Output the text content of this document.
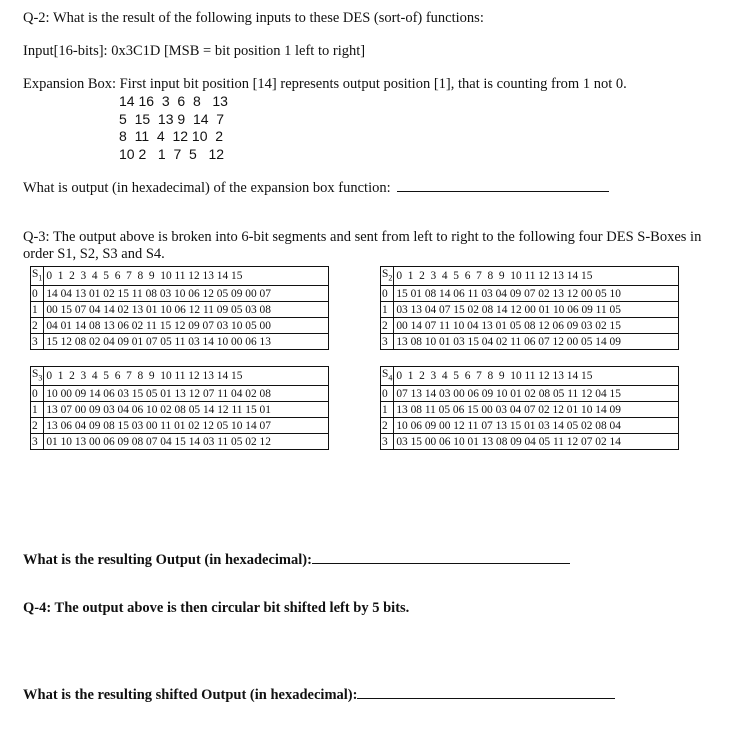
Q-2: What is the result of the following inputs to these DES (sort-of) functions:
Input[16-bits]: 0x3C1D [MSB = bit position 1 left to right]
Expansion Box: First input bit position [14] represents output position [1], that is counting from 1 not 0.
14 16  3  6  8   13
5  15  13 9  14  7
8  11  4  12 10  2
10 2   1  7  5   12
What is output (in hexadecimal) of the expansion box function:
Q-3: The output above is broken into 6-bit segments and sent from left to right to the following four DES S-Boxes in
order S1, S2, S3 and S4.
$S_1$	0  1  2  3  4  5  6  7  8  9  10 11 12 13 14 15
0	14 04 13 01 02 15 11 08 03 10 06 12 05 09 00 07
1	00 15 07 04 14 02 13 01 10 06 12 11 09 05 03 08
2	04 01 14 08 13 06 02 11 15 12 09 07 03 10 05 00
3	15 12 08 02 04 09 01 07 05 11 03 14 10 00 06 13
$S_2$	0  1  2  3  4  5  6  7  8  9  10 11 12 13 14 15
0	15 01 08 14 06 11 03 04 09 07 02 13 12 00 05 10
1	03 13 04 07 15 02 08 14 12 00 01 10 06 09 11 05
2	00 14 07 11 10 04 13 01 05 08 12 06 09 03 02 15
3	13 08 10 01 03 15 04 02 11 06 07 12 00 05 14 09
$S_3$	0  1  2  3  4  5  6  7  8  9  10 11 12 13 14 15
0	10 00 09 14 06 03 15 05 01 13 12 07 11 04 02 08
1	13 07 00 09 03 04 06 10 02 08 05 14 12 11 15 01
2	13 06 04 09 08 15 03 00 11 01 02 12 05 10 14 07
3	01 10 13 00 06 09 08 07 04 15 14 03 11 05 02 12
$S_4$	0  1  2  3  4  5  6  7  8  9  10 11 12 13 14 15
0	07 13 14 03 00 06 09 10 01 02 08 05 11 12 04 15
1	13 08 11 05 06 15 00 03 04 07 02 12 01 10 14 09
2	10 06 09 00 12 11 07 13 15 01 03 14 05 02 08 04
3	03 15 00 06 10 01 13 08 09 04 05 11 12 07 02 14
What is the resulting Output (in hexadecimal):
Q-4: The output above is then circular bit shifted left by 5 bits.
What is the resulting shifted Output (in hexadecimal):
